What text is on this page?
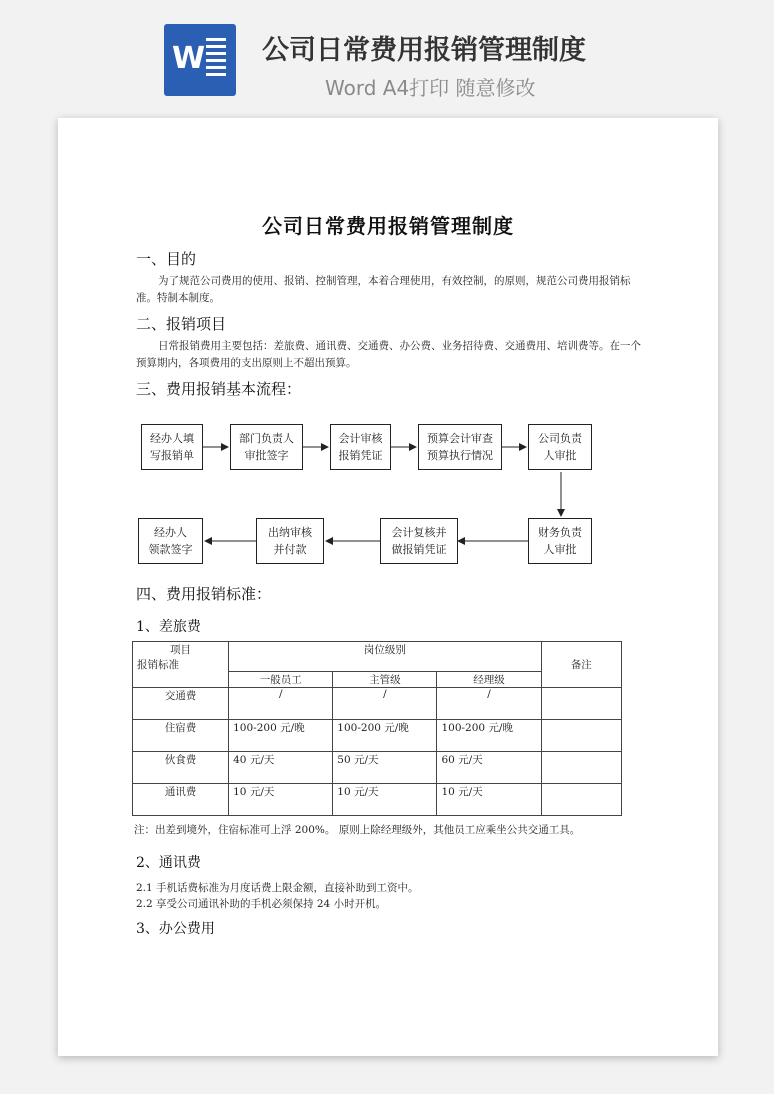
W 公司日常费用报销管理制度
Word A4打印 随意修改

公司日常费用报销管理制度
一、目的
为了规范公司费用的使用、报销、控制管理，本着合理使用，有效控制，的原则，规范公司费用报销标准。特制本制度。
二、报销项目
日常报销费用主要包括：差旅费、通讯费、交通费、办公费、业务招待费、交通费用、培训费等。在一个预算期内，各项费用的支出原则上不超出预算。
三、费用报销基本流程：
经办人填
写报销单
部门负责人
审批签字
会计审核
报销凭证
预算会计审查
预算执行情况
公司负责
人审批
财务负责
人审批
会计复核并
做报销凭证
出纳审核
并付款
经办人
领款签字
四、费用报销标准：
1、差旅费
项目
报销标准	岗位级别			备注
	一般员工	主管级	经理级	
交通费	/	/	/	
住宿费	100-200 元/晚	100-200 元/晚	100-200 元/晚	
伙食费	40 元/天	50 元/天	60 元/天	
通讯费	10 元/天	10 元/天	10 元/天	
注：出差到境外，住宿标准可上浮 200%。 原则上除经理级外，其他员工应乘坐公共交通工具。
2、通讯费
2.1 手机话费标准为月度话费上限金额，直接补助到工资中。
2.2 享受公司通讯补助的手机必须保持 24 小时开机。
3、办公费用
